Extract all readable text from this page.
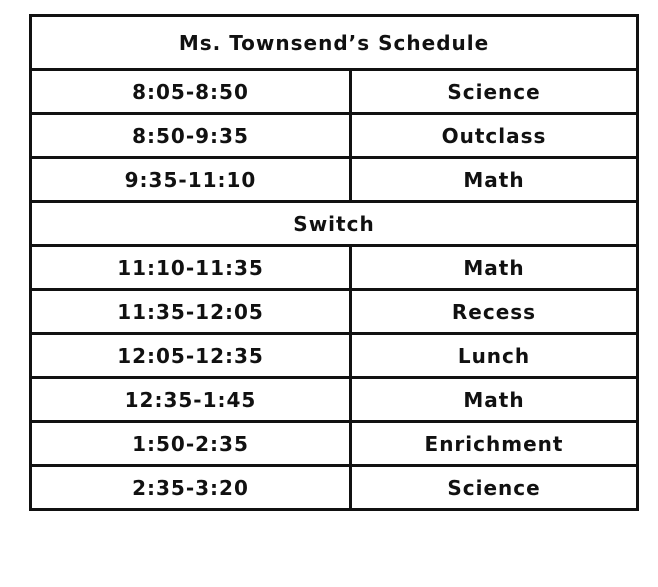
Ms. Townsend’s Schedule	
8:05-8:50	Science
8:50-9:35	Outclass
9:35-11:10	Math
Switch	
11:10-11:35	Math
11:35-12:05	Recess
12:05-12:35	Lunch
12:35-1:45	Math
1:50-2:35	Enrichment
2:35-3:20	Science
